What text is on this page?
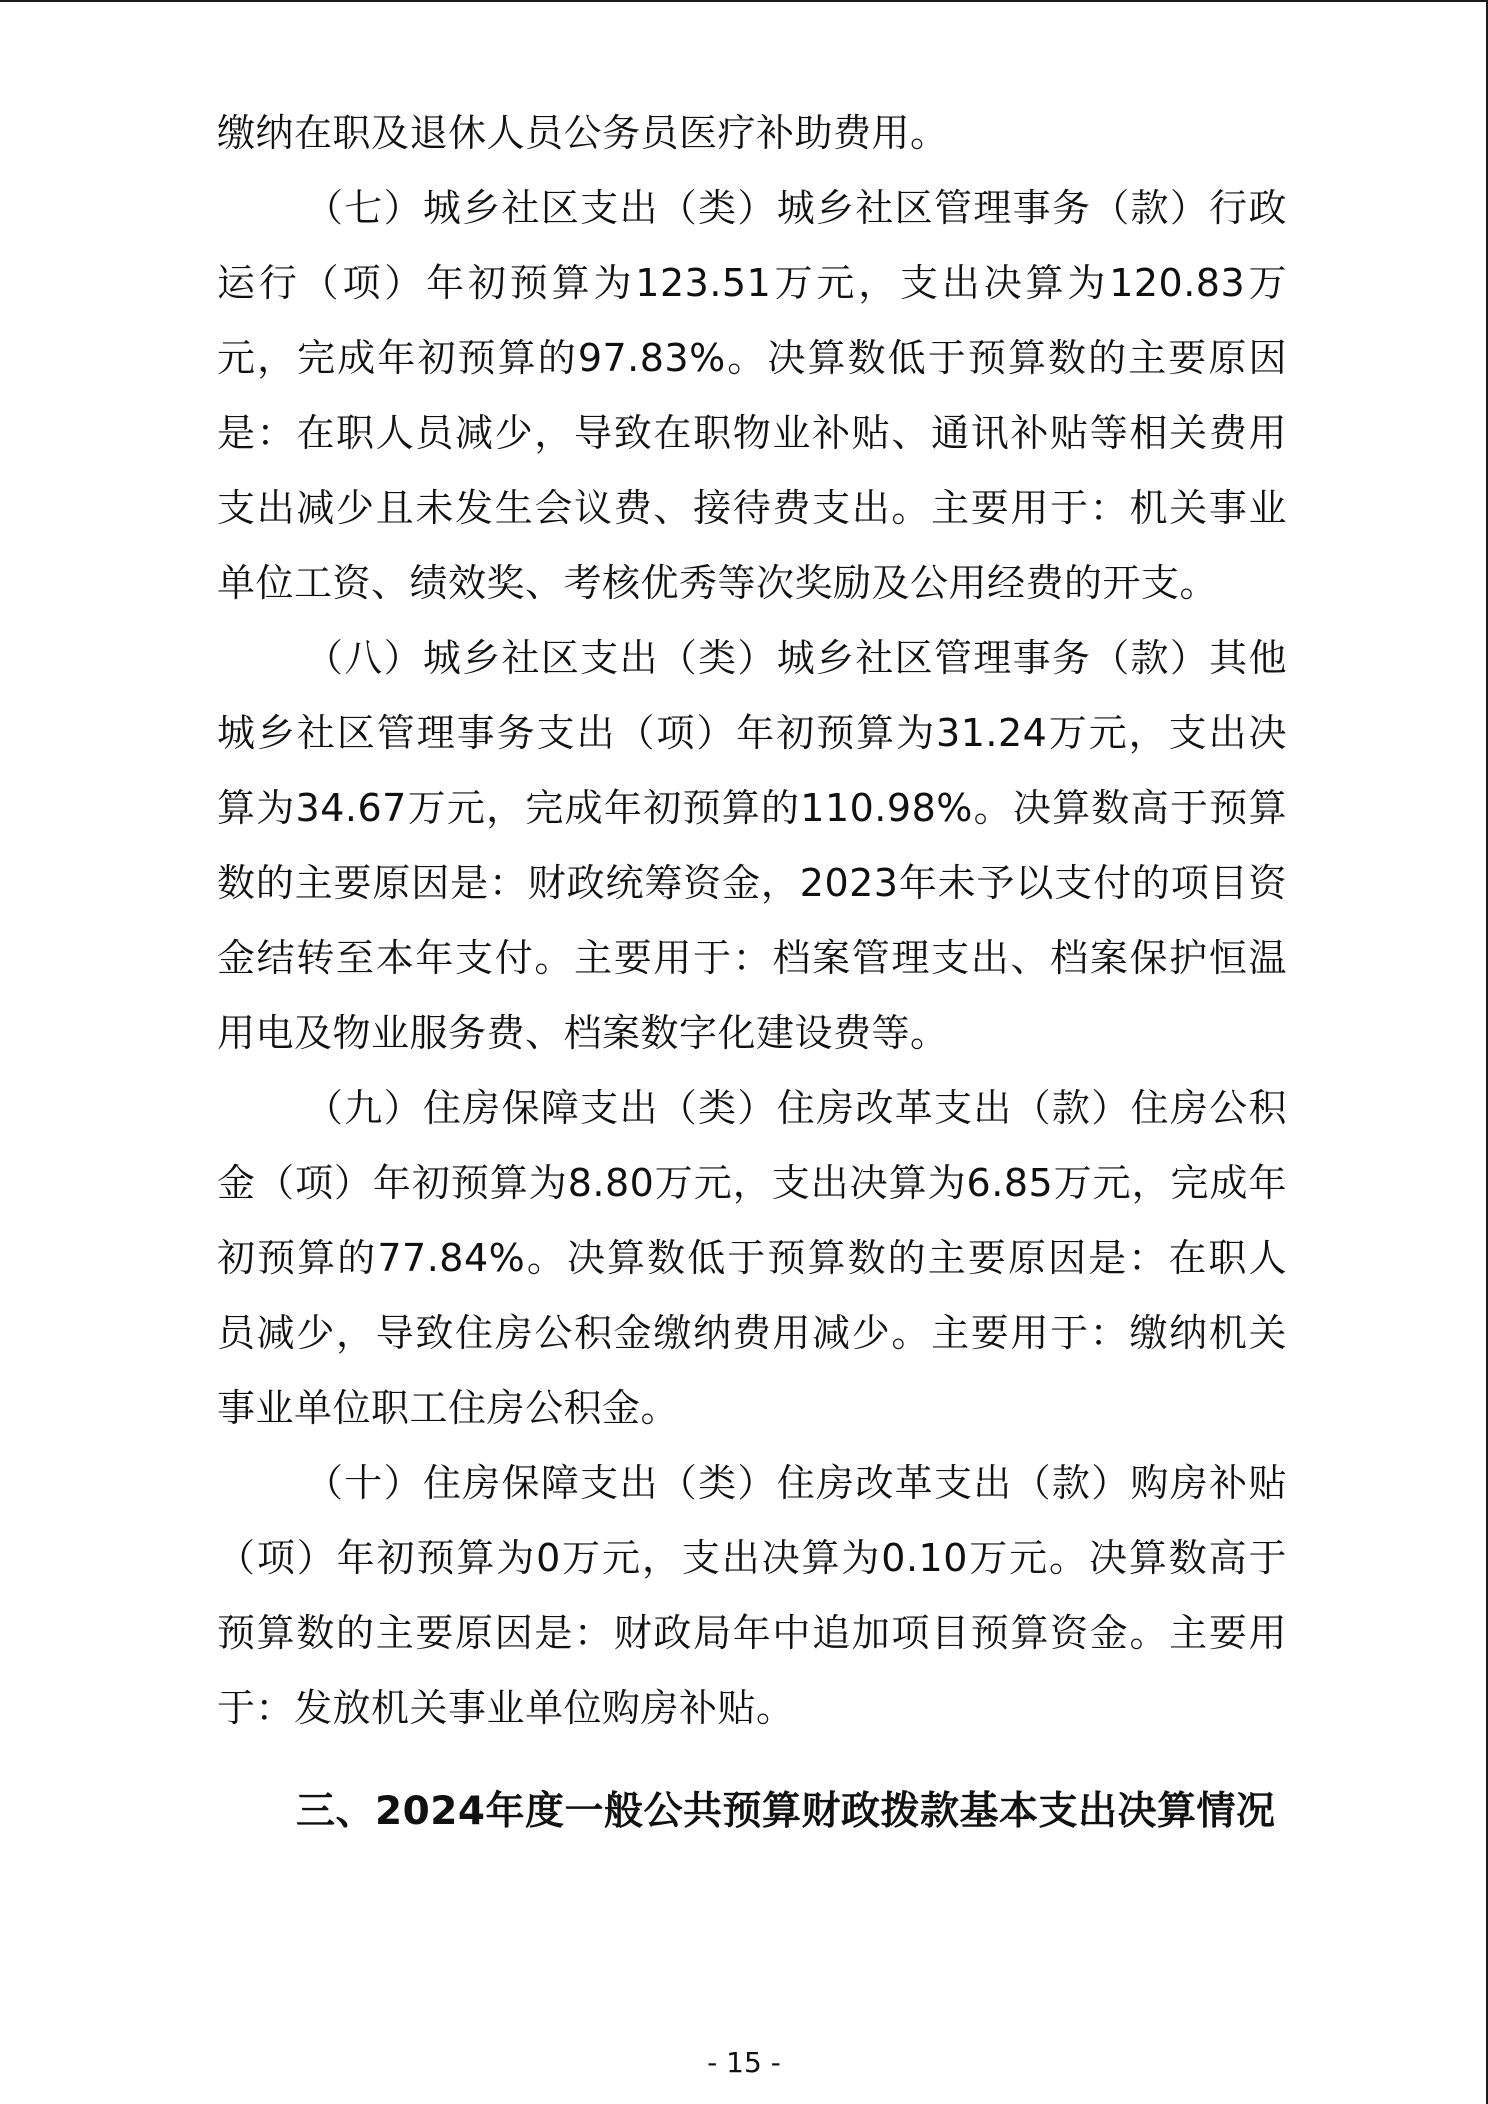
缴纳在职及退休人员公务员医疗补助费用。

（七）城乡社区支出（类）城乡社区管理事务（款）行政运行（项）年初预算为123.51万元，支出决算为120.83万元，完成年初预算的97.83%。决算数低于预算数的主要原因是：在职人员减少，导致在职物业补贴、通讯补贴等相关费用支出减少且未发生会议费、接待费支出。主要用于：机关事业单位工资、绩效奖、考核优秀等次奖励及公用经费的开支。

（八）城乡社区支出（类）城乡社区管理事务（款）其他城乡社区管理事务支出（项）年初预算为31.24万元，支出决算为34.67万元，完成年初预算的110.98%。决算数高于预算数的主要原因是：财政统筹资金，2023年未予以支付的项目资金结转至本年支付。主要用于：档案管理支出、档案保护恒温用电及物业服务费、档案数字化建设费等。

（九）住房保障支出（类）住房改革支出（款）住房公积金（项）年初预算为8.80万元，支出决算为6.85万元，完成年初预算的77.84%。决算数低于预算数的主要原因是：在职人员减少，导致住房公积金缴纳费用减少。主要用于：缴纳机关事业单位职工住房公积金。

（十）住房保障支出（类）住房改革支出（款）购房补贴（项）年初预算为0万元，支出决算为0.10万元。决算数高于预算数的主要原因是：财政局年中追加项目预算资金。主要用于：发放机关事业单位购房补贴。

三、2024年度一般公共预算财政拨款基本支出决算情况
- 15 -
